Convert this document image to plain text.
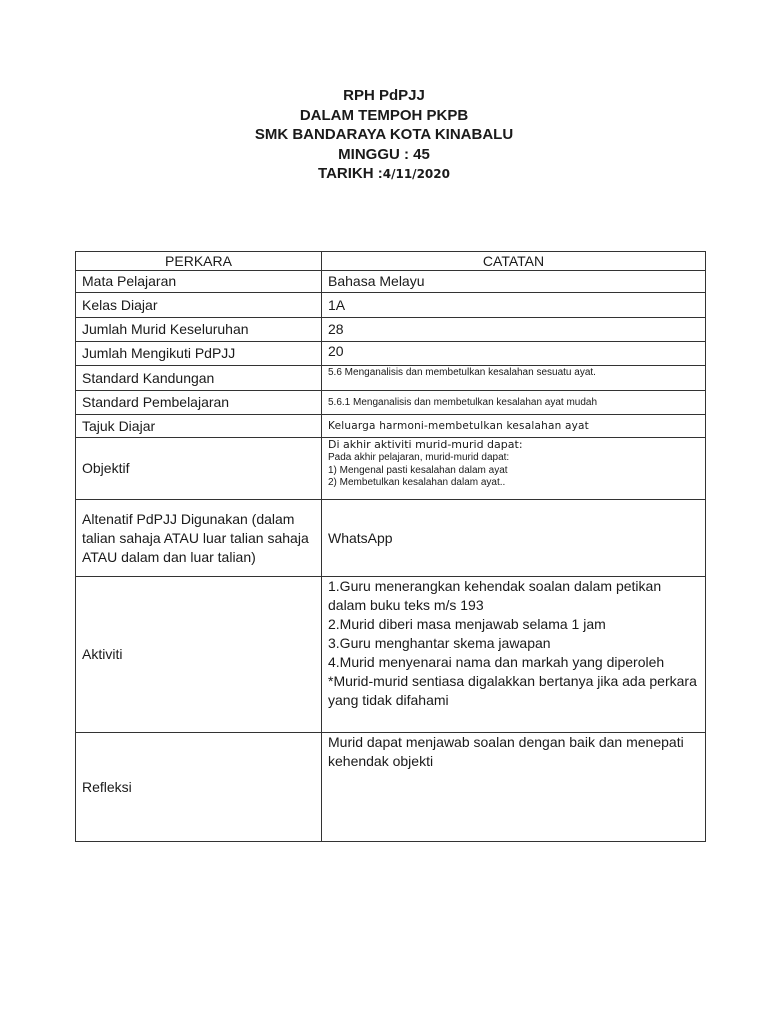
RPH PdPJJ
DALAM TEMPOH PKPB
SMK BANDARAYA KOTA KINABALU
MINGGU : 45
TARIKH :4/11/2020
PERKARA	CATATAN
Mata Pelajaran	Bahasa Melayu
Kelas Diajar	1A
Jumlah Murid Keseluruhan	28
Jumlah Mengikuti PdPJJ	20
Standard Kandungan	5.6 Menganalisis dan membetulkan kesalahan sesuatu ayat.
Standard Pembelajaran	5.6.1 Menganalisis dan membetulkan kesalahan ayat mudah
Tajuk Diajar	Keluarga harmoni-membetulkan kesalahan ayat
Objektif	Di akhir aktiviti murid-murid dapat:
Pada akhir pelajaran, murid-murid dapat:
1) Mengenal pasti kesalahan dalam ayat
2) Membetulkan kesalahan dalam ayat..

Altenatif PdPJJ Digunakan (dalam talian sahaja ATAU luar talian sahaja ATAU dalam dan luar talian)	WhatsApp
Aktiviti	1.Guru menerangkan kehendak soalan dalam petikan dalam buku teks m/s 193
2.Murid diberi masa menjawab selama 1 jam
3.Guru menghantar skema jawapan
4.Murid menyenarai nama dan markah yang diperoleh
*Murid-murid sentiasa digalakkan bertanya jika ada perkara yang tidak difahami

Refleksi	Murid dapat menjawab soalan dengan baik dan menepati kehendak objekti
